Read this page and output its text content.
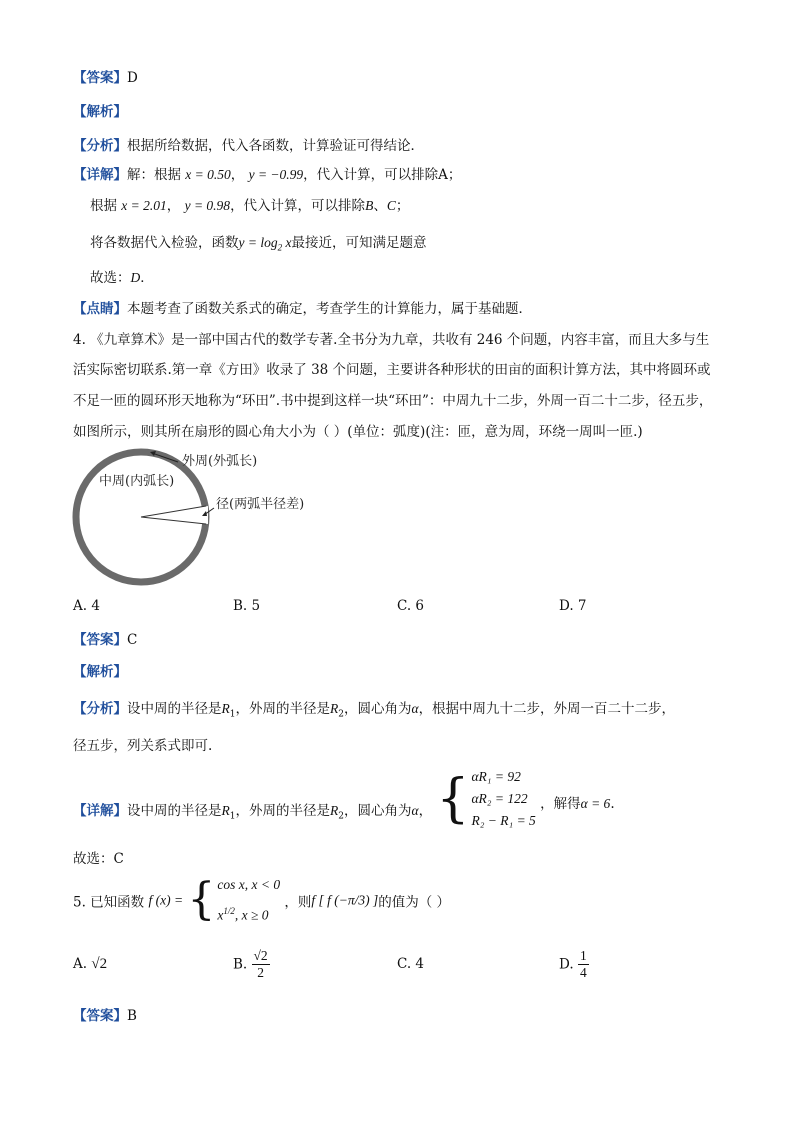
【答案】D
【解析】
【分析】根据所给数据，代入各函数，计算验证可得结论．
【详解】解：根据 x = 0.50， y = −0.99，代入计算，可以排除A；
根据 x = 2.01， y = 0.98，代入计算，可以排除B、C；
将各数据代入检验，函数$y = \log_2 x$最接近，可知满足题意
故选：D．
【点睛】本题考查了函数关系式的确定，考查学生的计算能力，属于基础题．
4. 《九章算术》是一部中国古代的数学专著.全书分为九章，共收有 246 个问题，内容丰富，而且大多与生
活实际密切联系.第一章《方田》收录了 38 个问题，主要讲各种形状的田亩的面积计算方法，其中将圆环或
不足一匝的圆环形天地称为“环田”.书中提到这样一块“环田”：中周九十二步，外周一百二十二步，径五步，
如图所示，则其所在扇形的圆心角大小为（ ）(单位：弧度)(注：匝，意为周，环绕一周叫一匝.)
外周(外弧长)
中周(内弧长)
径(两弧半径差)
A. 4	B. 5	C. 6	D. 7
【答案】C
【解析】
【分析】设中周的半径是$R_1$，外周的半径是$R_2$，圆心角为α，根据中周九十二步，外周一百二十二步，
径五步，列关系式即可.
【详解】设中周的半径是$R_1$，外周的半径是$R_2$，圆心角为α， { αR₁ = 92
αR₂ = 122
R₂ − R₁ = 5
，解得α = 6.
故选：C
5. 已知函数 f (x) = { cos x, x < 0
$x^{1/2}$, x ≥ 0
，则f [ f (−π/3) ]的值为（ ）
A. √2	B. $\frac{√2}{2}$	C. 4	D. $\frac{1}{4}$
【答案】B
